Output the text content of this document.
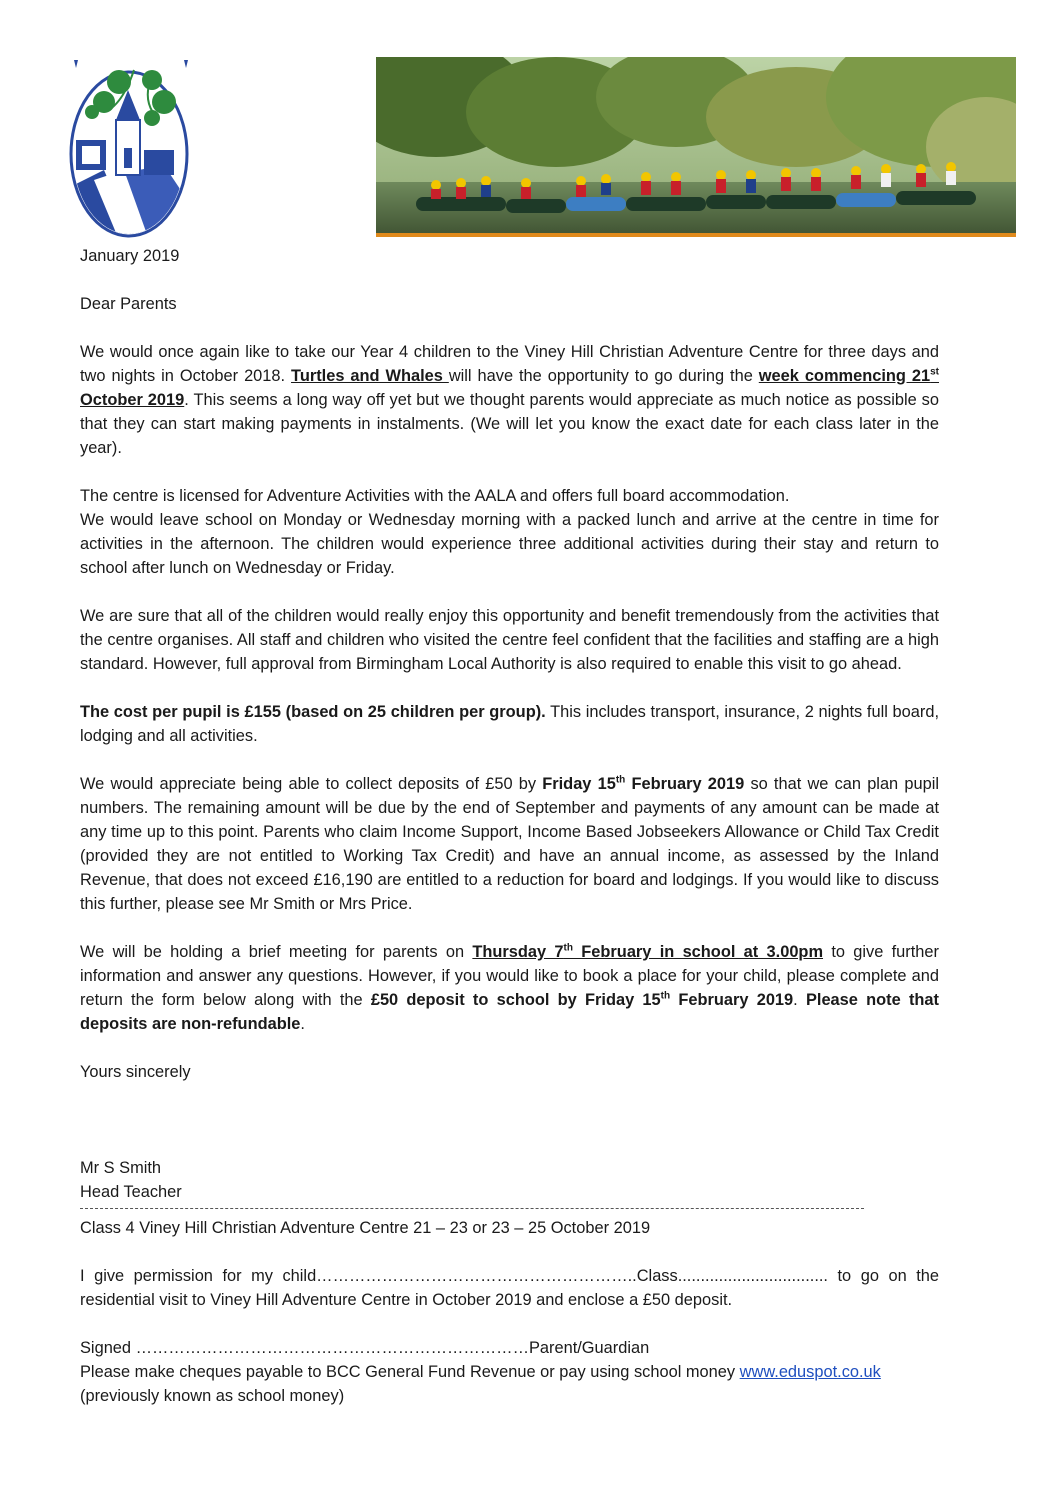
January 2019

Dear Parents

We would once again like to take our Year 4 children to the Viney Hill Christian Adventure Centre for three days and two nights in October 2018. Turtles and Whales will have the opportunity to go during the week commencing 21st October 2019. This seems a long way off yet but we thought parents would appreciate as much notice as possible so that they can start making payments in instalments. (We will let you know the exact date for each class later in the year).

The centre is licensed for Adventure Activities with the AALA and offers full board accommodation.

We would leave school on Monday or Wednesday morning with a packed lunch and arrive at the centre in time for activities in the afternoon. The children would experience three additional activities during their stay and return to school after lunch on Wednesday or Friday.

We are sure that all of the children would really enjoy this opportunity and benefit tremendously from the activities that the centre organises. All staff and children who visited the centre feel confident that the facilities and staffing are a high standard. However, full approval from Birmingham Local Authority is also required to enable this visit to go ahead.

The cost per pupil is £155 (based on 25 children per group). This includes transport, insurance, 2 nights full board, lodging and all activities.

We would appreciate being able to collect deposits of £50 by Friday 15th February 2019 so that we can plan pupil numbers. The remaining amount will be due by the end of September and payments of any amount can be made at any time up to this point. Parents who claim Income Support, Income Based Jobseekers Allowance or Child Tax Credit (provided they are not entitled to Working Tax Credit) and have an annual income, as assessed by the Inland Revenue, that does not exceed £16,190 are entitled to a reduction for board and lodgings. If you would like to discuss this further, please see Mr Smith or Mrs Price.

We will be holding a brief meeting for parents on Thursday 7th February in school at 3.00pm to give further information and answer any questions. However, if you would like to book a place for your child, please complete and return the form below along with the £50 deposit to school by Friday 15th February 2019. Please note that deposits are non-refundable.

Yours sincerely

Mr S Smith

Head Teacher

Class 4 Viney Hill Christian Adventure Centre 21 – 23 or 23 – 25 October 2019

I give permission for my child…………………………………………………..Class................................. to go on the residential visit to Viney Hill Adventure Centre in October 2019 and enclose a £50 deposit.

Signed ………………………………………………………………Parent/Guardian

Please make cheques payable to BCC General Fund Revenue or pay using school money www.eduspot.co.uk

(previously known as school money)
